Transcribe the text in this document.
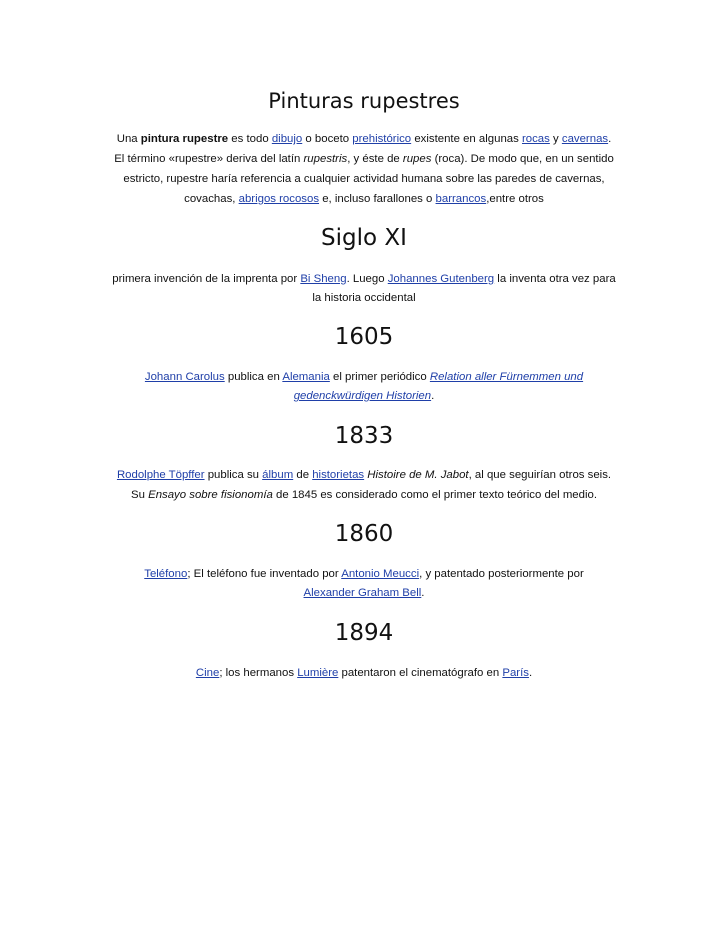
Pinturas rupestres
Una pintura rupestre es todo dibujo o boceto prehistórico existente en algunas rocas y cavernas.
El término «rupestre» deriva del latín rupestris, y éste de rupes (roca). De modo que, en un sentido
estricto, rupestre haría referencia a cualquier actividad humana sobre las paredes de cavernas,
covachas, abrigos rocosos e, incluso farallones o barrancos,entre otros
Siglo XI
primera invención de la imprenta por Bi Sheng. Luego Johannes Gutenberg la inventa otra vez para
la historia occidental
1605
Johann Carolus publica en Alemania el primer periódico Relation aller Fürnemmen und
gedenckwürdigen Historien.
1833
Rodolphe Töpffer publica su álbum de historietas Histoire de M. Jabot, al que seguirían otros seis.
Su Ensayo sobre fisionomía de 1845 es considerado como el primer texto teórico del medio.
1860
Teléfono; El teléfono fue inventado por Antonio Meucci, y patentado posteriormente por
Alexander Graham Bell.
1894
Cine; los hermanos Lumière patentaron el cinematógrafo en París.
